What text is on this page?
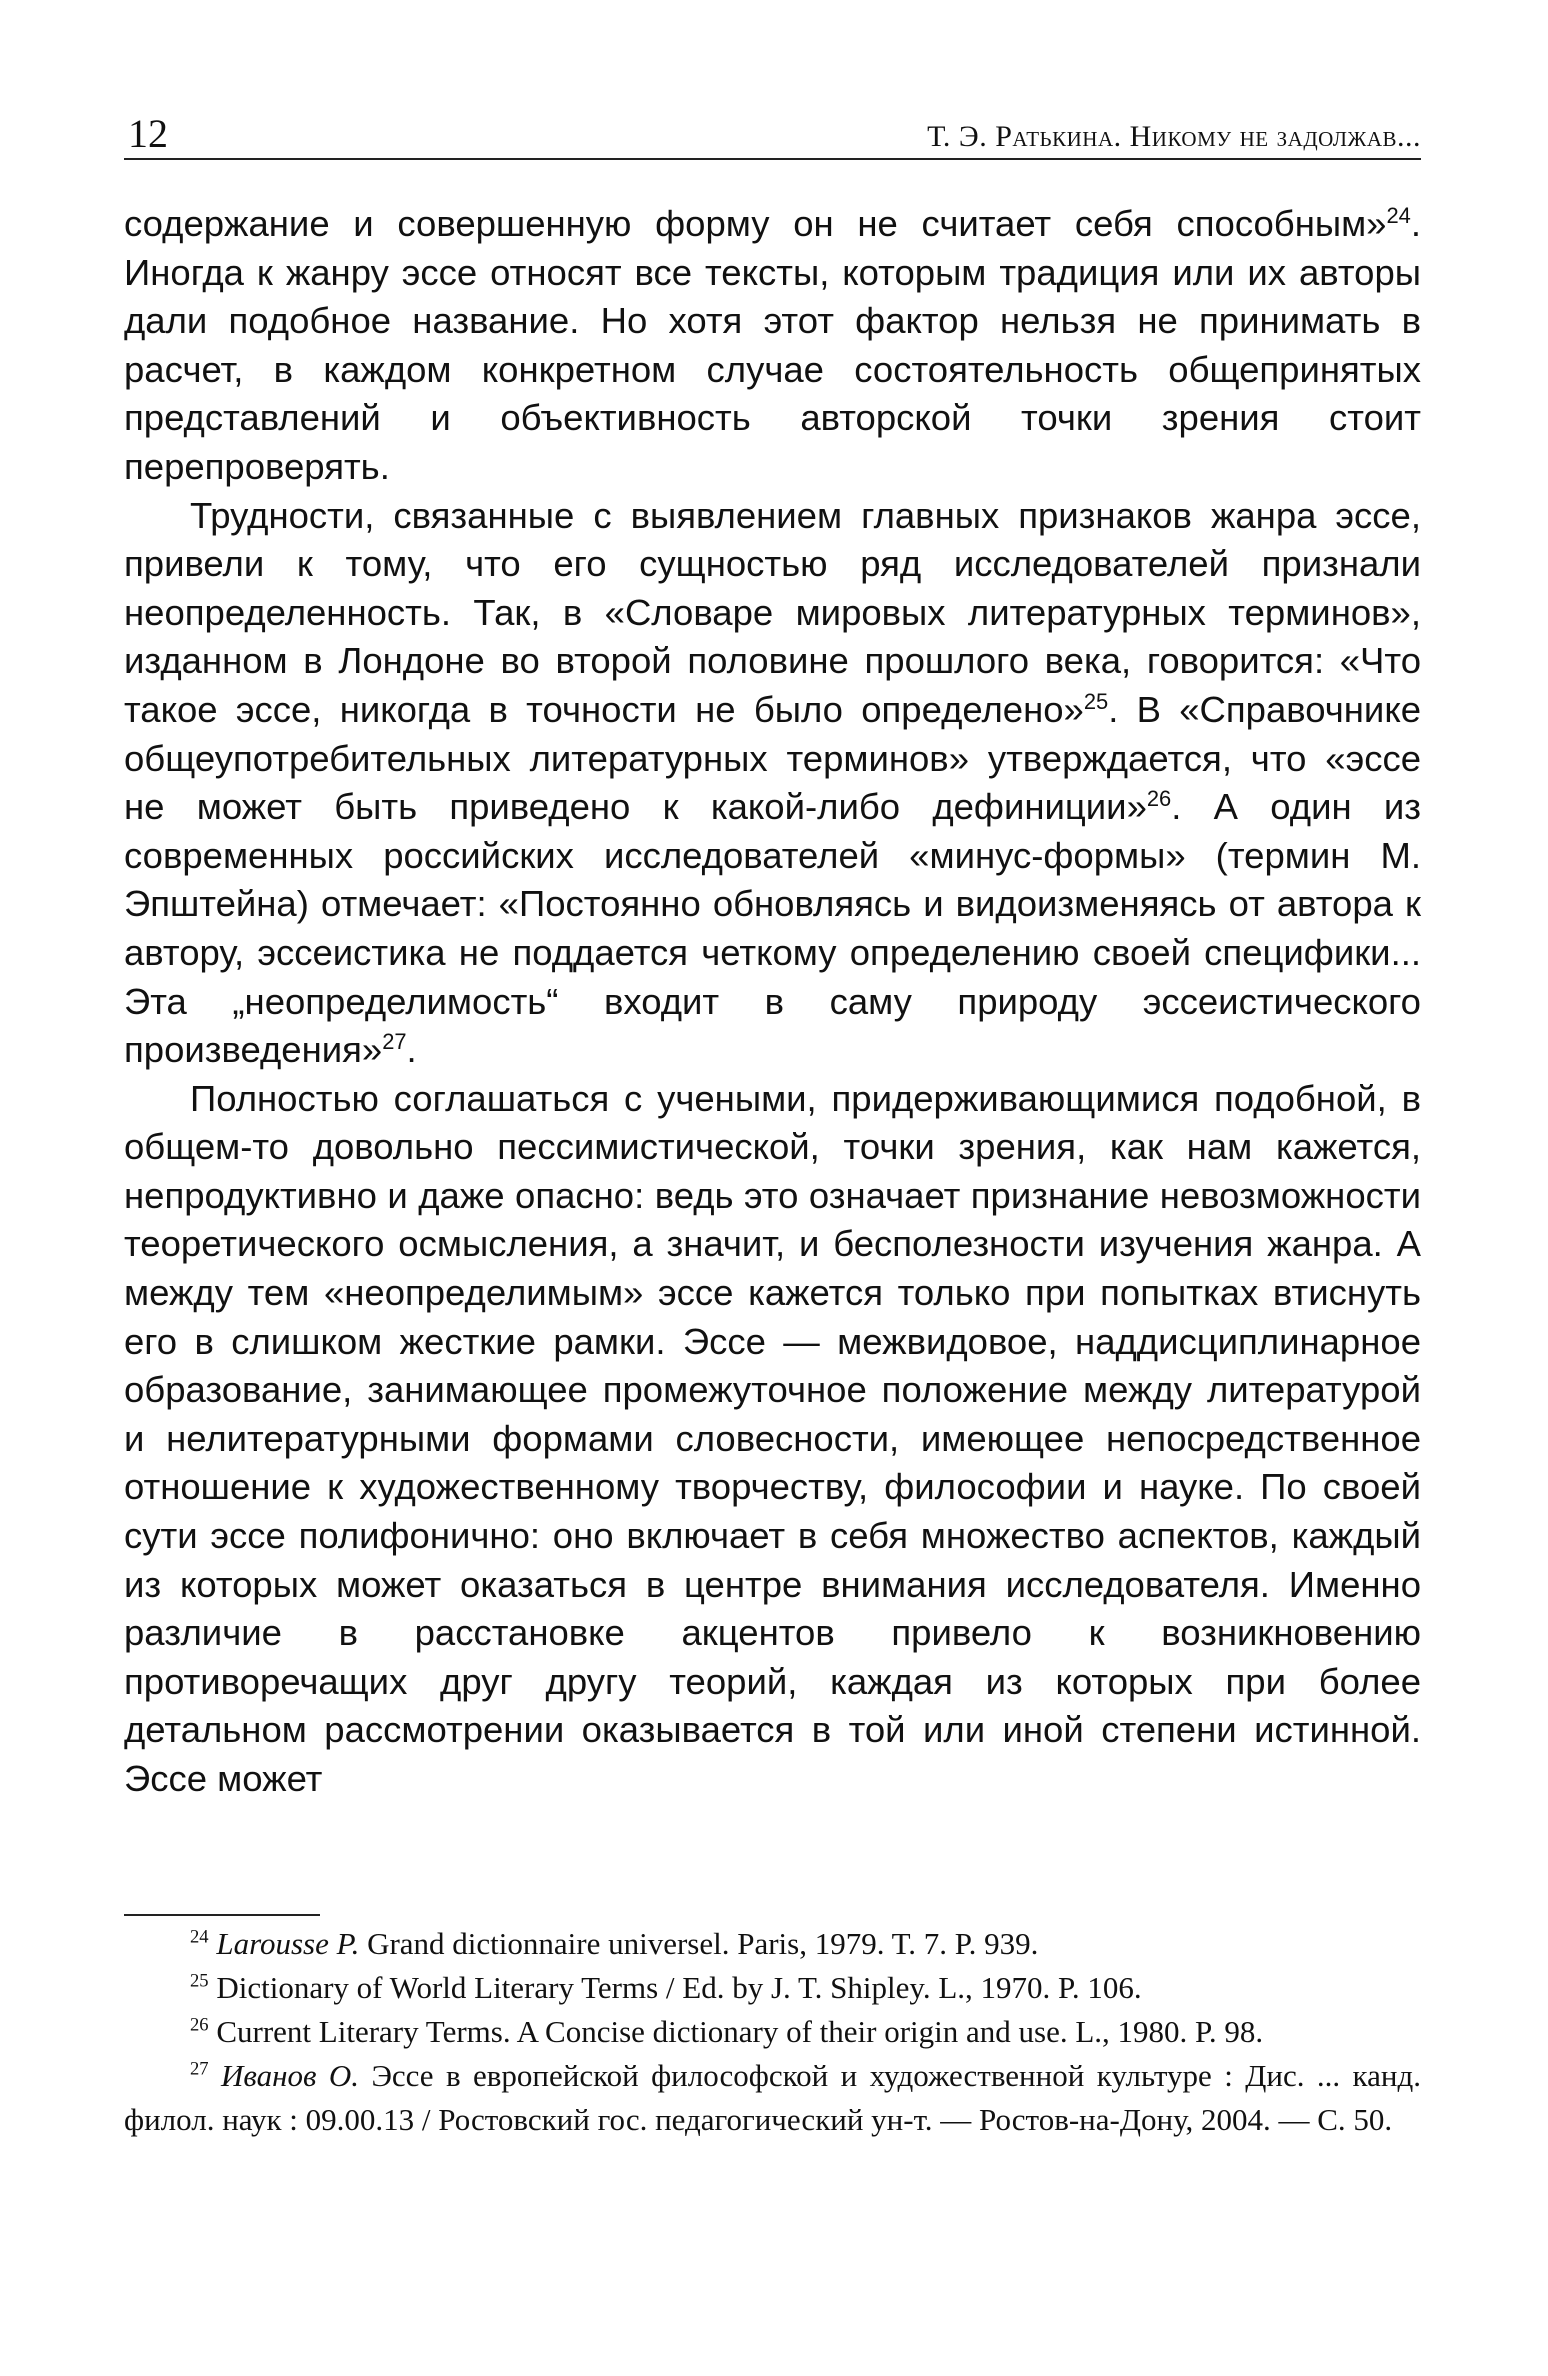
12	Т. Э. Ратькина. Никому не задолжав...

содержание и совершенную форму он не считает себя способным»$^{24}$. Иногда к жанру эссе относят все тексты, которым традиция или их авторы дали подобное название. Но хотя этот фактор нельзя не принимать в расчет, в каждом конкретном случае состоятельность общепринятых представлений и объективность авторской точки зрения стоит перепроверять.

Трудности, связанные с выявлением главных признаков жанра эссе, привели к тому, что его сущностью ряд исследователей признали неопределенность. Так, в «Словаре мировых литературных терминов», изданном в Лондоне во второй половине прошлого века, говорится: «Что такое эссе, никогда в точности не было определено»$^{25}$. В «Справочнике общеупотребительных литературных терминов» утверждается, что «эссе не может быть приведено к какой-либо дефиниции»$^{26}$. А один из современных российских исследователей «минус-формы» (термин М. Эпштейна) отмечает: «Постоянно обновляясь и видоизменяясь от автора к автору, эссеистика не поддается четкому определению своей специфики... Эта „неопределимость“ входит в саму природу эссеистического произведения»$^{27}$.

Полностью соглашаться с учеными, придерживающимися подобной, в общем-то довольно пессимистической, точки зрения, как нам кажется, непродуктивно и даже опасно: ведь это означает признание невозможности теоретического осмысления, а значит, и бесполезности изучения жанра. А между тем «неопределимым» эссе кажется только при попытках втиснуть его в слишком жесткие рамки. Эссе — межвидовое, наддисциплинарное образование, занимающее промежуточное положение между литературой и нелитературными формами словесности, имеющее непосредственное отношение к художественному творчеству, философии и науке. По своей сути эссе полифонично: оно включает в себя множество аспектов, каждый из которых может оказаться в центре внимания исследователя. Именно различие в расстановке акцентов привело к возникновению противоречащих друг другу теорий, каждая из которых при более детальном рассмотрении оказывается в той или иной степени истинной. Эссе может

$^{24}$ Larousse P. Grand dictionnaire universel. Paris, 1979. T. 7. P. 939.

$^{25}$ Dictionary of World Literary Terms / Ed. by J. T. Shipley. L., 1970. P. 106.

$^{26}$ Current Literary Terms. A Concise dictionary of their origin and use. L., 1980. P. 98.

$^{27}$ Иванов О. Эссе в европейской философской и художественной культуре : Дис. ... канд. филол. наук : 09.00.13 / Ростовский гос. педагогический ун-т. — Ростов-на-Дону, 2004. — С. 50.
